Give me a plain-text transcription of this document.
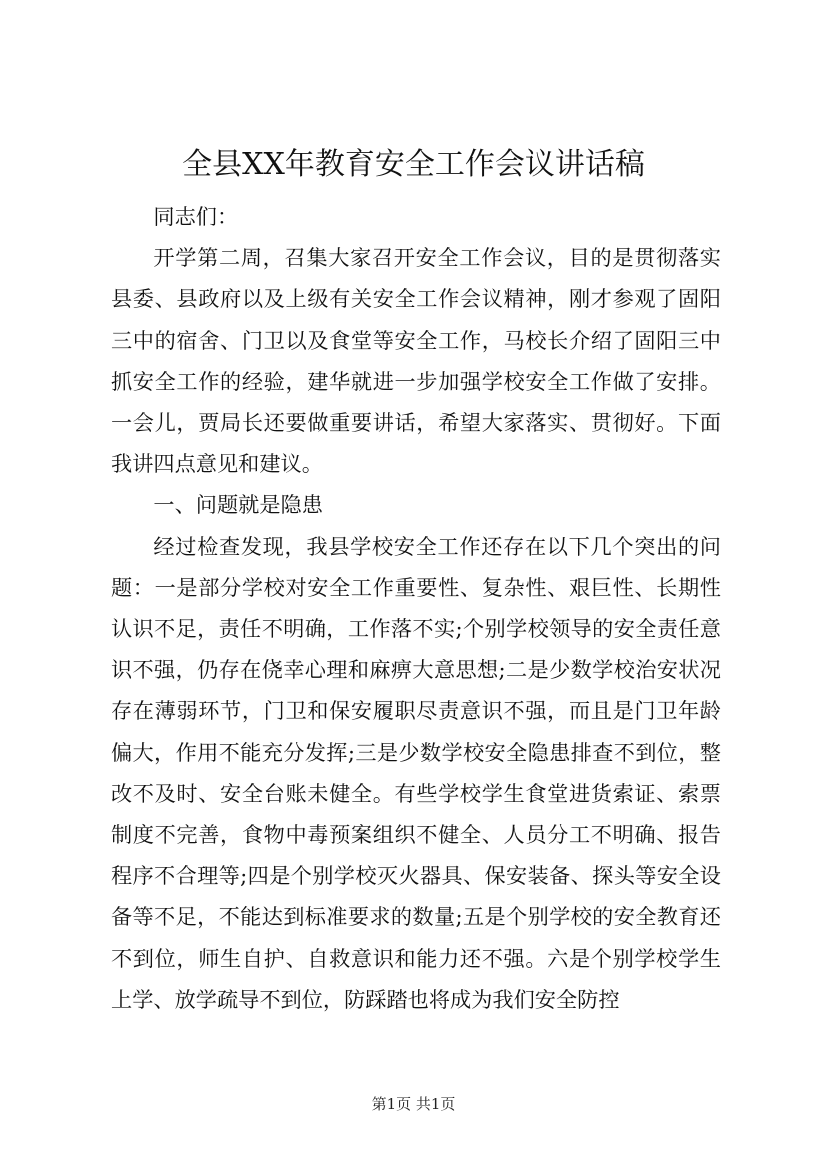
全县XX年教育安全工作会议讲话稿

同志们：

开学第二周，召集大家召开安全工作会议，目的是贯彻落实县委、县政府以及上级有关安全工作会议精神，刚才参观了固阳三中的宿舍、门卫以及食堂等安全工作，马校长介绍了固阳三中抓安全工作的经验，建华就进一步加强学校安全工作做了安排。一会儿，贾局长还要做重要讲话，希望大家落实、贯彻好。下面我讲四点意见和建议。

一、问题就是隐患

经过检查发现，我县学校安全工作还存在以下几个突出的问题：一是部分学校对安全工作重要性、复杂性、艰巨性、长期性认识不足，责任不明确，工作落不实;个别学校领导的安全责任意识不强，仍存在侥幸心理和麻痹大意思想;二是少数学校治安状况存在薄弱环节，门卫和保安履职尽责意识不强，而且是门卫年龄偏大，作用不能充分发挥;三是少数学校安全隐患排查不到位，整改不及时、安全台账未健全。有些学校学生食堂进货索证、索票制度不完善，食物中毒预案组织不健全、人员分工不明确、报告程序不合理等;四是个别学校灭火器具、保安装备、探头等安全设备等不足，不能达到标准要求的数量;五是个别学校的安全教育还不到位，师生自护、自救意识和能力还不强。六是个别学校学生上学、放学疏导不到位，防踩踏也将成为我们安全防控

第1页 共1页
